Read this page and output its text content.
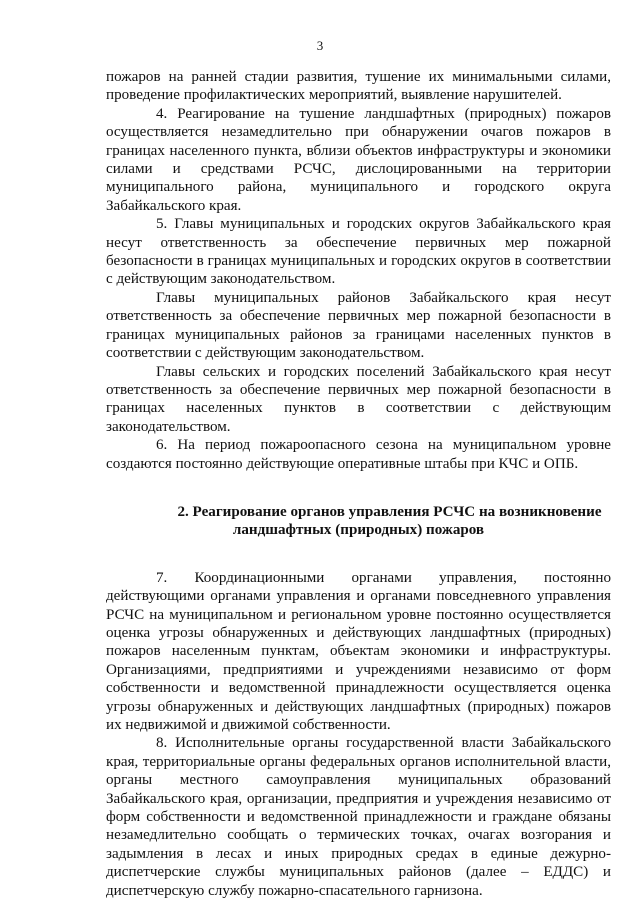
3

пожаров на ранней стадии развития, тушение их минимальными силами, проведение профилактических мероприятий, выявление нарушителей.

4. Реагирование на тушение ландшафтных (природных) пожаров осуществляется незамедлительно при обнаружении очагов пожаров в границах населенного пункта, вблизи объектов инфраструктуры и экономики силами и средствами РСЧС, дислоцированными на территории муниципального района, муниципального и городского округа Забайкальского края.

5. Главы муниципальных и городских округов Забайкальского края несут ответственность за обеспечение первичных мер пожарной безопасности в границах муниципальных и городских округов в соответствии с действующим законодательством.

Главы муниципальных районов Забайкальского края несут ответственность за обеспечение первичных мер пожарной безопасности в границах муниципальных районов за границами населенных пунктов в соответствии с действующим законодательством.

Главы сельских и городских поселений Забайкальского края несут ответственность за обеспечение первичных мер пожарной безопасности в границах населенных пунктов в соответствии с действующим законодательством.

6. На период пожароопасного сезона на муниципальном уровне создаются постоянно действующие оперативные штабы при КЧС и ОПБ.

2. Реагирование органов управления РСЧС на возникновение
ландшафтных (природных) пожаров

7. Координационными органами управления, постоянно действующими органами управления и органами повседневного управления РСЧС на муниципальном и региональном уровне постоянно осуществляется оценка угрозы обнаруженных и действующих ландшафтных (природных) пожаров населенным пунктам, объектам экономики и инфраструктуры. Организациями, предприятиями и учреждениями независимо от форм собственности и ведомственной принадлежности осуществляется оценка угрозы обнаруженных и действующих ландшафтных (природных) пожаров их недвижимой и движимой собственности.

8. Исполнительные органы государственной власти Забайкальского края, территориальные органы федеральных органов исполнительной власти, органы местного самоуправления муниципальных образований Забайкальского края, организации, предприятия и учреждения независимо от форм собственности и ведомственной принадлежности и граждане обязаны незамедлительно сообщать о термических точках, очагах возгорания и задымления в лесах и иных природных средах в единые дежурно-диспетчерские службы муниципальных районов (далее – ЕДДС) и диспетчерскую службу пожарно-спасательного гарнизона.
